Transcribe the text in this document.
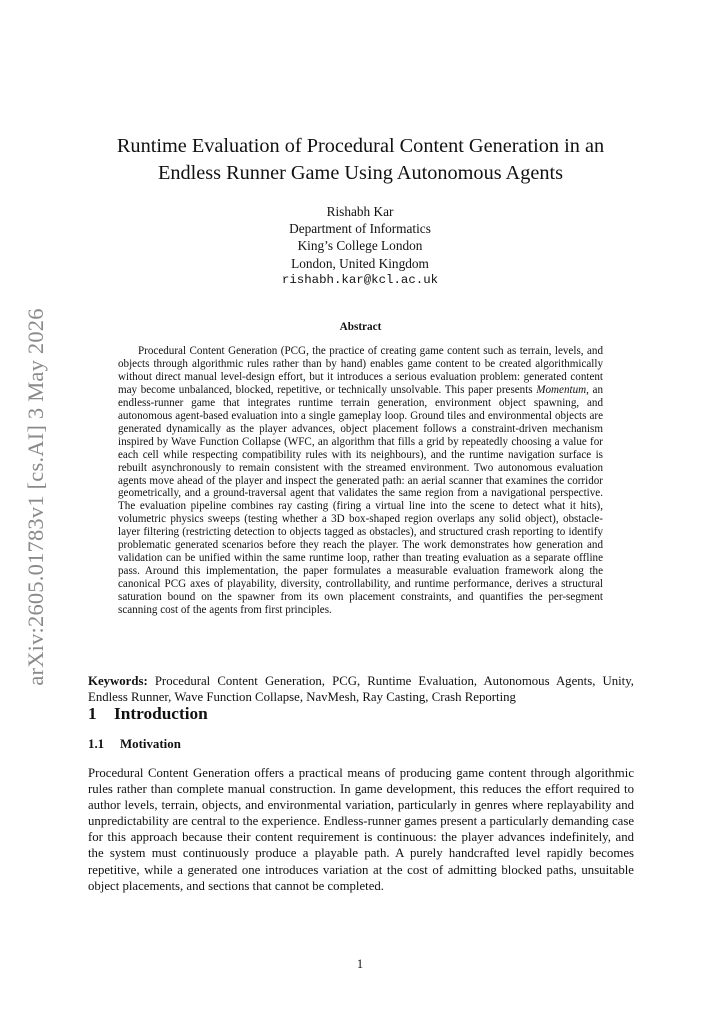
arXiv:2605.01783v1 [cs.AI] 3 May 2026
Runtime Evaluation of Procedural Content Generation in an Endless Runner Game Using Autonomous Agents
Rishabh Kar
Department of Informatics
King’s College London
London, United Kingdom
rishabh.kar@kcl.ac.uk
Abstract

Procedural Content Generation (PCG, the practice of creating game content such as terrain, levels, and objects through algorithmic rules rather than by hand) enables game content to be created algorithmically without direct manual level-design effort, but it introduces a serious evaluation problem: generated content may become unbalanced, blocked, repetitive, or technically unsolvable. This paper presents Momentum, an endless-runner game that integrates runtime terrain generation, environment object spawning, and autonomous agent-based evaluation into a single gameplay loop. Ground tiles and environmental objects are generated dynamically as the player advances, object placement follows a constraint-driven mechanism inspired by Wave Function Collapse (WFC, an algorithm that fills a grid by repeatedly choosing a value for each cell while respecting compatibility rules with its neighbours), and the runtime navigation surface is rebuilt asynchronously to remain consistent with the streamed environment. Two autonomous evaluation agents move ahead of the player and inspect the generated path: an aerial scanner that examines the corridor geometrically, and a ground-traversal agent that validates the same region from a navigational perspective. The evaluation pipeline combines ray casting (firing a virtual line into the scene to detect what it hits), volumetric physics sweeps (testing whether a 3D box-shaped region overlaps any solid object), obstacle-layer filtering (restricting detection to objects tagged as obstacles), and structured crash reporting to identify problematic generated scenarios before they reach the player. The work demonstrates how generation and validation can be unified within the same runtime loop, rather than treating evaluation as a separate offline pass. Around this implementation, the paper formulates a measurable evaluation framework along the canonical PCG axes of playability, diversity, controllability, and runtime performance, derives a structural saturation bound on the spawner from its own placement constraints, and quantifies the per-segment scanning cost of the agents from first principles.

Keywords: Procedural Content Generation, PCG, Runtime Evaluation, Autonomous Agents, Unity, Endless Runner, Wave Function Collapse, NavMesh, Ray Casting, Crash Reporting

1 Introduction
1.1 Motivation

Procedural Content Generation offers a practical means of producing game content through algorithmic rules rather than complete manual construction. In game development, this reduces the effort required to author levels, terrain, objects, and environmental variation, particularly in genres where replayability and unpredictability are central to the experience. Endless-runner games present a particularly demanding case for this approach because their content requirement is continuous: the player advances indefinitely, and the system must continuously produce a playable path. A purely handcrafted level rapidly becomes repetitive, while a generated one introduces variation at the cost of admitting blocked paths, unsuitable object placements, and sections that cannot be completed.

1
